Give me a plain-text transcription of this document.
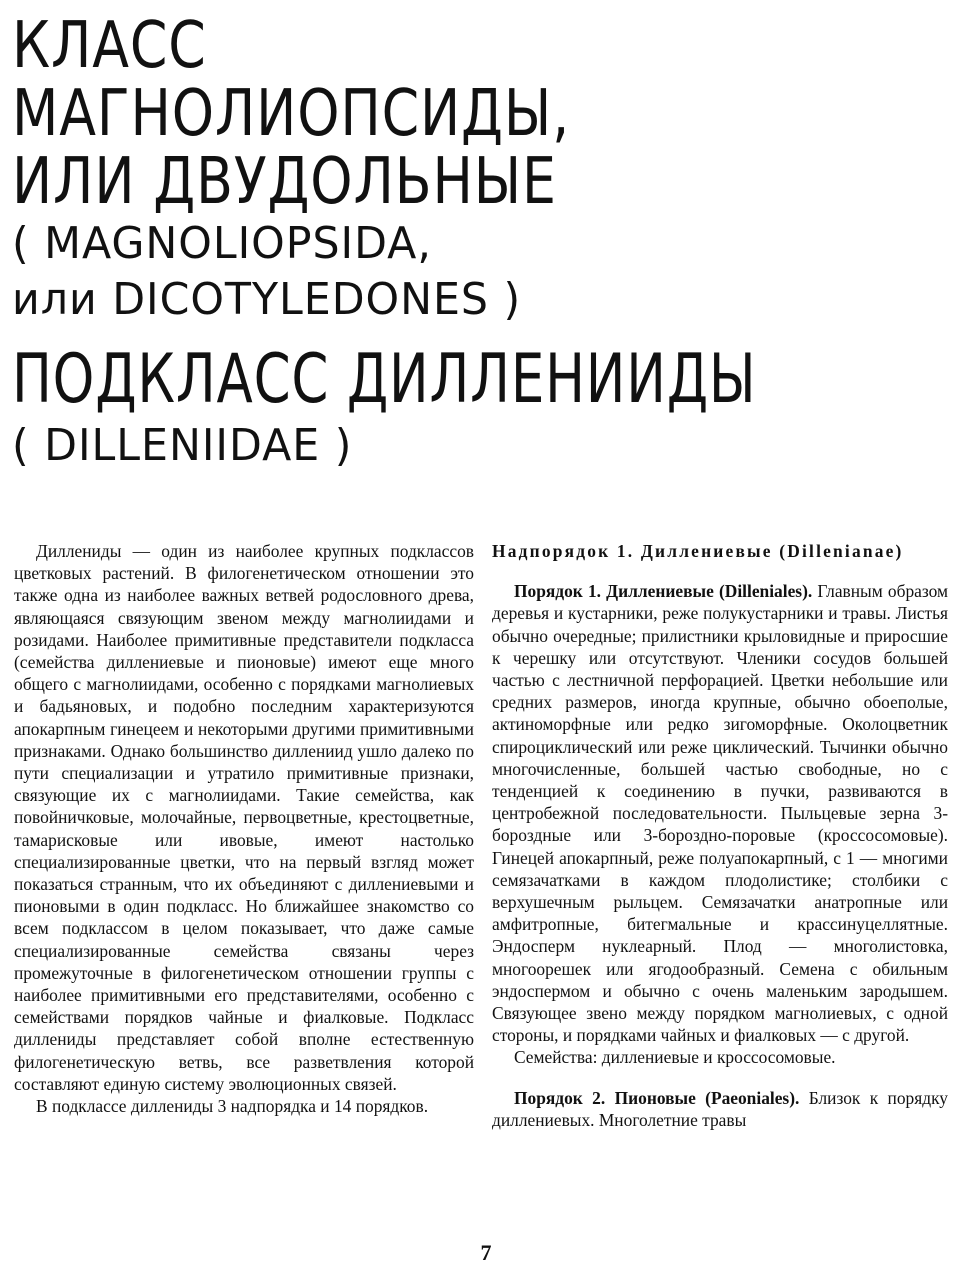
КЛАСС
МАГНОЛИОПСИДЫ,
ИЛИ ДВУДОЛЬНЫЕ
( MAGNOLIOPSIDA,
или DICOTYLEDONES )
ПОДКЛАСС ДИЛЛЕНИИДЫ
( DILLENIIDAE )

Диллениды — один из наиболее крупных подклассов цветковых растений. В филогенетическом отношении это также одна из наиболее важных ветвей родословного древа, являющаяся связующим звеном между магнолиидами и розидами. Наиболее примитивные представители подкласса (семейства диллениевые и пионовые) имеют еще много общего с магнолиидами, особенно с порядками магнолиевых и бадьяновых, и подобно последним характеризуются апокарпным гинецеем и некоторыми другими примитивными признаками. Однако большинство диллениид ушло далеко по пути специализации и утратило примитивные признаки, связующие их с магнолиидами. Такие семейства, как повойничковые, молочайные, первоцветные, крестоцветные, тамарисковые или ивовые, имеют настолько специализированные цветки, что на первый взгляд может показаться странным, что их объединяют с диллениевыми и пионовыми в один подкласс. Но ближайшее знакомство со всем подклассом в целом показывает, что даже самые специализированные семейства связаны через промежуточные в филогенетическом отношении группы с наиболее примитивными его представителями, особенно с семействами порядков чайные и фиалковые. Подкласс диллениды представляет собой вполне естественную филогенетическую ветвь, все разветвления которой составляют единую систему эволюционных связей.

В подклассе диллениды 3 надпорядка и 14 порядков.

Надпорядок 1. Диллениевые (Dillenianae)

Порядок 1. Диллениевые (Dilleniales). Главным образом деревья и кустарники, реже полукустарники и травы. Листья обычно очередные; прилистники крыловидные и приросшие к черешку или отсутствуют. Членики сосудов большей частью с лестничной перфорацией. Цветки небольшие или средних размеров, иногда крупные, обычно обоеполые, актиноморфные или редко зигоморфные. Околоцветник спироциклический или реже циклический. Тычинки обычно многочисленные, большей частью свободные, но с тенденцией к соединению в пучки, развиваются в центробежной последовательности. Пыльцевые зерна 3-бороздные или 3-бороздно-поровые (кроссосомовые). Гинецей апокарпный, реже полуапокарпный, с 1 — многими семязачатками в каждом плодолистике; столбики с верхушечным рыльцем. Семязачатки анатропные или амфитропные, битегмальные и крассинуцеллятные. Эндосперм нуклеарный. Плод — многолистовка, многоорешек или ягодообразный. Семена с обильным эндоспермом и обычно с очень маленьким зародышем. Связующее звено между порядком магнолиевых, с одной стороны, и порядками чайных и фиалковых — с другой.

Семейства: диллениевые и кроссосомовые.

Порядок 2. Пионовые (Paeoniales). Близок к порядку диллениевых. Многолетние травы

7
